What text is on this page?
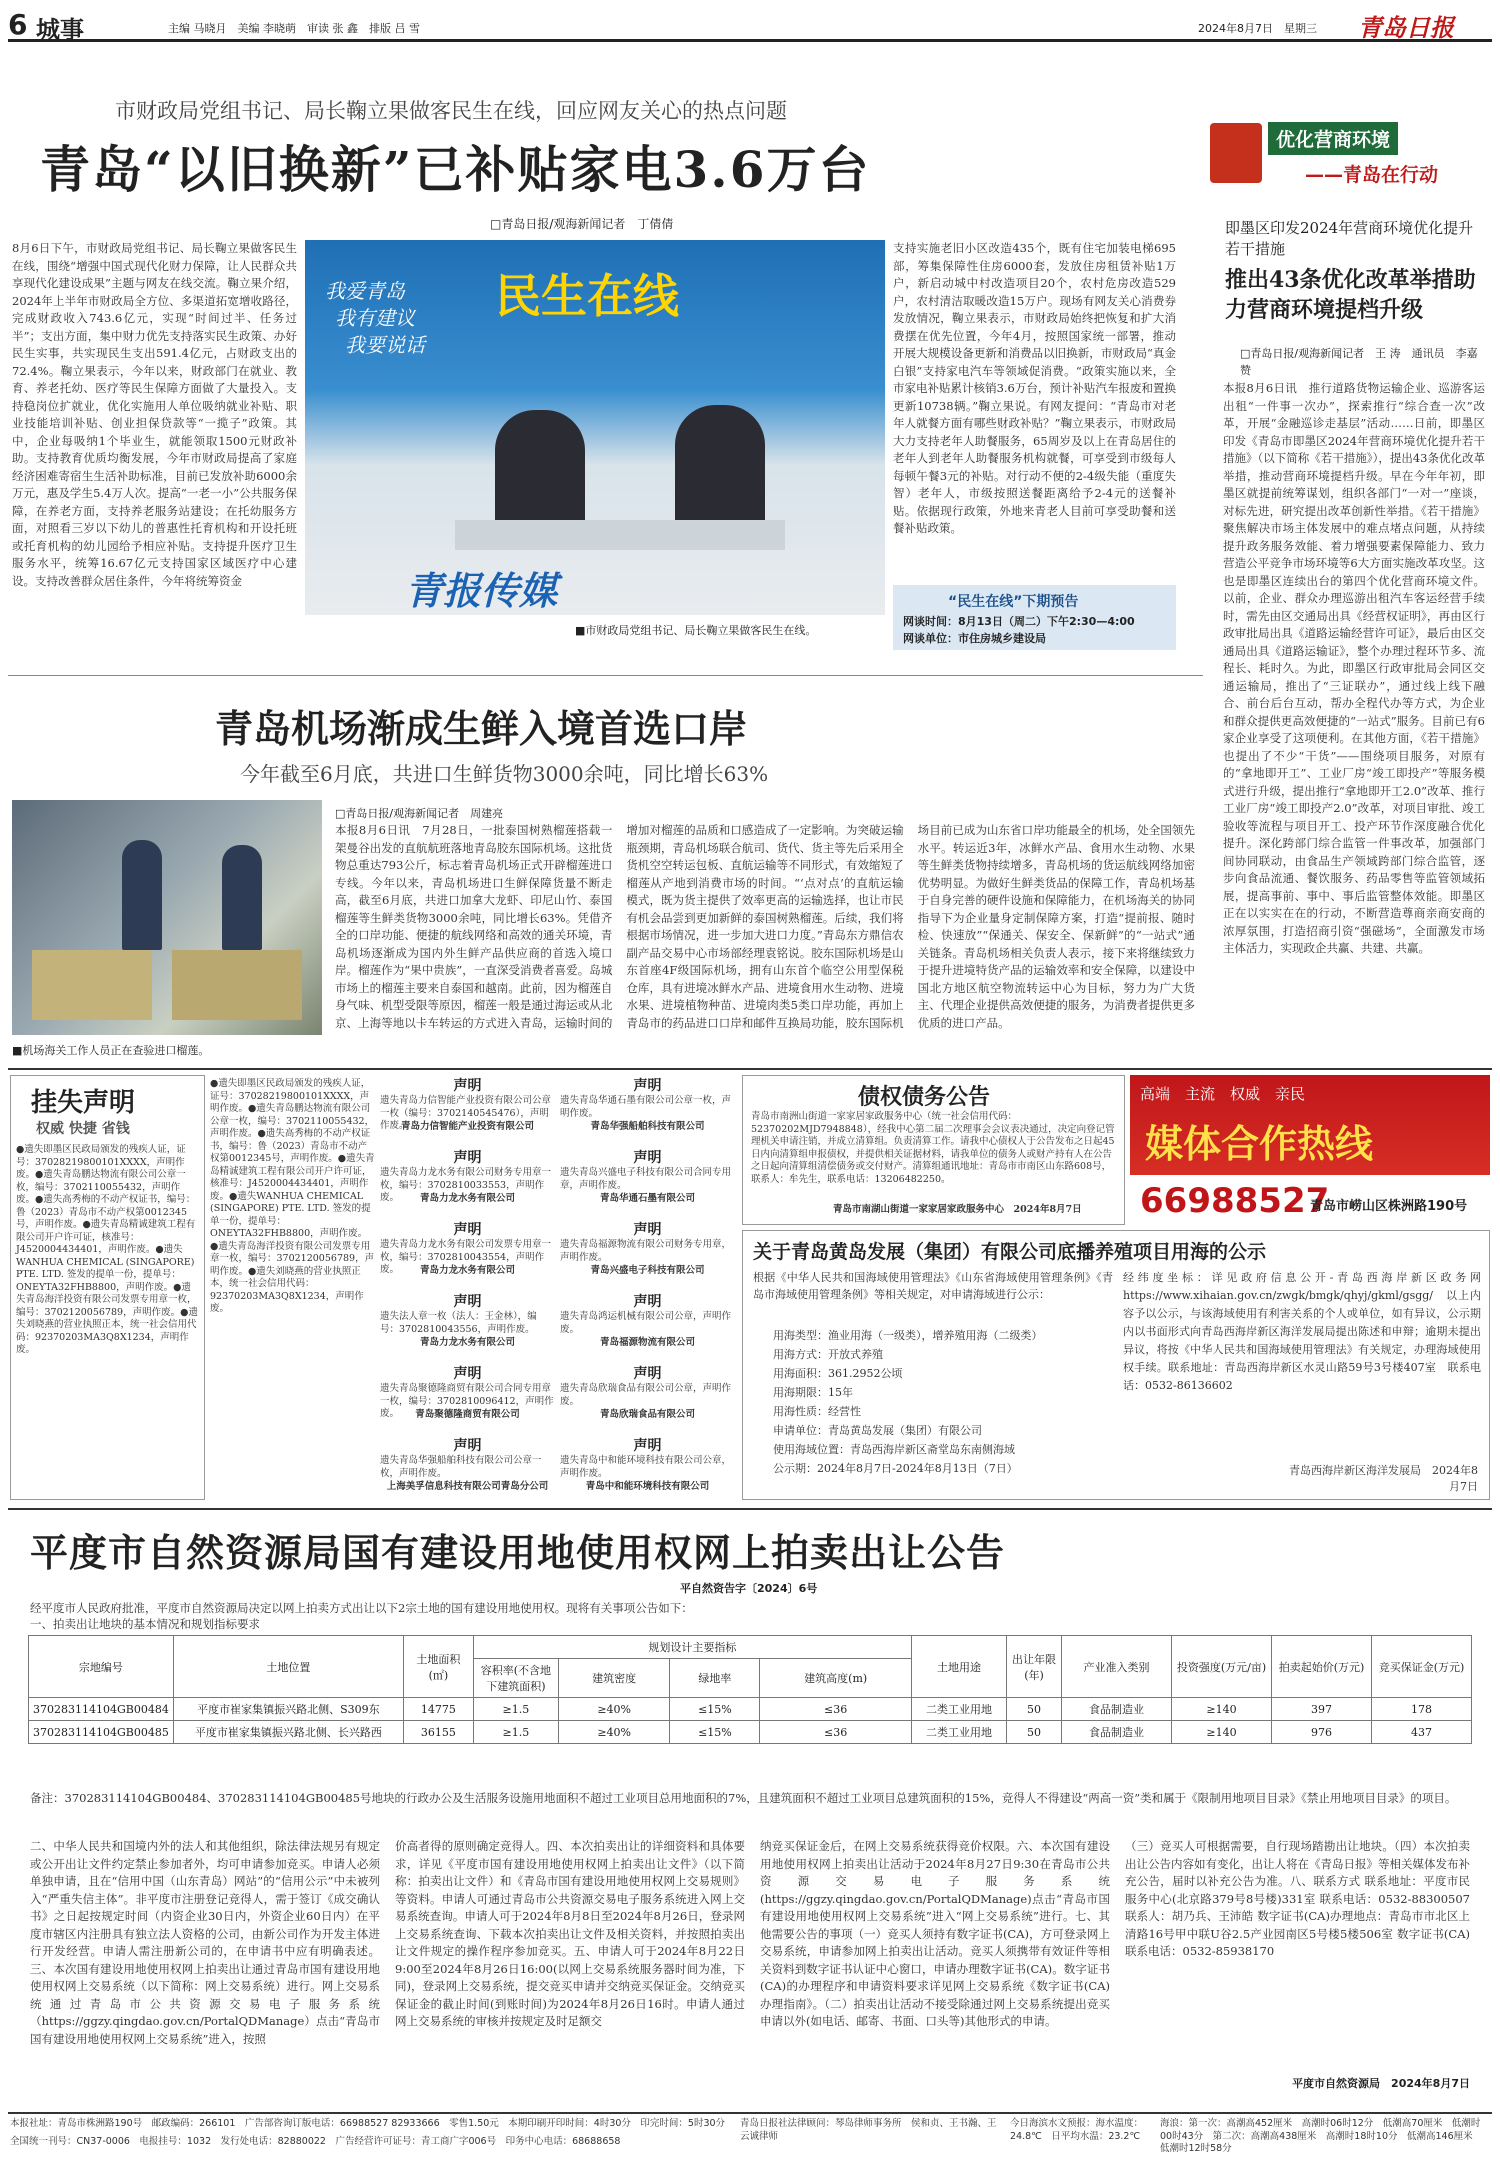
6 城事	主编 马晓月　美编 李晓萌　审读 张 鑫　排版 吕 雪	2024年8月7日　星期三 青岛日报
市财政局党组书记、局长鞠立果做客民生在线，回应网友关心的热点问题
青岛“以旧换新”已补贴家电3.6万台
□青岛日报/观海新闻记者　丁倩倩
8月6日下午，市财政局党组书记、局长鞠立果做客民生在线，围绕“增强中国式现代化财力保障，让人民群众共享现代化建设成果”主题与网友在线交流。鞠立果介绍，2024年上半年市财政局全方位、多渠道拓宽增收路径，完成财政收入743.6亿元，实现“时间过半、任务过半”；支出方面，集中财力优先支持落实民生政策、办好民生实事，共实现民生支出591.4亿元，占财政支出的72.4%。鞠立果表示，今年以来，财政部门在就业、教育、养老托幼、医疗等民生保障方面做了大量投入。支持稳岗位扩就业，优化实施用人单位吸纳就业补贴、职业技能培训补贴、创业担保贷款等“一揽子”政策。其中，企业每吸纳1个毕业生，就能领取1500元财政补助。支持教育优质均衡发展，今年市财政局提高了家庭经济困难寄宿生生活补助标准，目前已发放补助6000余万元，惠及学生5.4万人次。提高“一老一小”公共服务保障，在养老方面，支持养老服务站建设；在托幼服务方面，对照看三岁以下幼儿的普惠性托育机构和开设托班或托育机构的幼儿园给予相应补贴。支持提升医疗卫生服务水平，统筹16.67亿元支持国家区域医疗中心建设。支持改善群众居住条件，今年将统筹资金
我爱青岛
我有建议
我要说话
民生在线
青报传媒
■市财政局党组书记、局长鞠立果做客民生在线。
支持实施老旧小区改造435个，既有住宅加装电梯695部，筹集保障性住房6000套，发放住房租赁补贴1万户，新启动城中村改造项目20个，农村危房改造529户，农村清洁取暖改造15万户。现场有网友关心消费券发放情况，鞠立果表示，市财政局始终把恢复和扩大消费摆在优先位置，今年4月，按照国家统一部署，推动开展大规模设备更新和消费品以旧换新，市财政局“真金白银”支持家电汽车等领域促消费。“政策实施以来，全市家电补贴累计核销3.6万台，预计补贴汽车报废和置换更新10738辆。”鞠立果说。有网友提问：“青岛市对老年人就餐方面有哪些财政补贴？”鞠立果表示，市财政局大力支持老年人助餐服务，65周岁及以上在青岛居住的老年人到老年人助餐服务机构就餐，可享受到市级每人每顿午餐3元的补贴。对行动不便的2-4级失能（重度失智）老年人，市级按照送餐距离给予2-4元的送餐补贴。依据现行政策，外地来青老人目前可享受助餐和送餐补贴政策。
“民生在线”下期预告
网谈时间：8月13日（周二）下午2:30—4:00
网谈单位：市住房城乡建设局
优化营商环境
——青岛在行动
即墨区印发2024年营商环境优化提升若干措施
推出43条优化改革举措助力营商环境提档升级
□青岛日报/观海新闻记者　王 涛　通讯员　李嘉赞
本报8月6日讯　推行道路货物运输企业、巡游客运出租“一件事一次办”，探索推行“综合查一次”改革，开展“金融巡诊走基层”活动……日前，即墨区印发《青岛市即墨区2024年营商环境优化提升若干措施》（以下简称《若干措施》），提出43条优化改革举措，推动营商环境提档升级。早在今年年初，即墨区就提前统筹谋划，组织各部门“一对一”座谈，对标先进，研究提出改革创新性举措。《若干措施》聚焦解决市场主体发展中的难点堵点问题，从持续提升政务服务效能、着力增强要素保障能力、致力营造公平竞争市场环境等6大方面实施改革攻坚。这也是即墨区连续出台的第四个优化营商环境文件。以前，企业、群众办理巡游出租汽车客运经营手续时，需先由区交通局出具《经营权证明》，再由区行政审批局出具《道路运输经营许可证》，最后由区交通局出具《道路运输证》，整个办理过程环节多、流程长、耗时久。为此，即墨区行政审批局会同区交通运输局，推出了“三证联办”，通过线上线下融合、前台后台互动，帮办全程代办等方式，为企业和群众提供更高效便捷的“一站式”服务。目前已有6家企业享受了这项便利。在其他方面，《若干措施》也提出了不少“干货”——围绕项目服务，对原有的“拿地即开工”、工业厂房“竣工即投产”等服务模式进行升级，提出推行“拿地即开工2.0”改革、推行工业厂房“竣工即投产2.0”改革，对项目审批、竣工验收等流程与项目开工、投产环节作深度融合优化提升。深化跨部门综合监管一件事改革，加强部门间协同联动，由食品生产领域跨部门综合监管，逐步向食品流通、餐饮服务、药品零售等监管领域拓展，提高事前、事中、事后监管整体效能。即墨区正在以实实在在的行动，不断营造尊商亲商安商的浓厚氛围，打造招商引资“强磁场”，全面激发市场主体活力，实现政企共赢、共建、共赢。
青岛机场渐成生鲜入境首选口岸
今年截至6月底，共进口生鲜货物3000余吨，同比增长63%
■机场海关工作人员正在查验进口榴莲。
□青岛日报/观海新闻记者　周建亮
本报8月6日讯　7月28日，一批泰国树熟榴莲搭载一架曼谷出发的直航航班落地青岛胶东国际机场。这批货物总重达793公斤，标志着青岛机场正式开辟榴莲进口专线。今年以来，青岛机场进口生鲜保障货量不断走高，截至6月底，共进口加拿大龙虾、印尼山竹、泰国榴莲等生鲜类货物3000余吨，同比增长63%。凭借齐全的口岸功能、便捷的航线网络和高效的通关环境，青岛机场逐渐成为国内外生鲜产品供应商的首选入境口岸。榴莲作为“果中贵族”，一直深受消费者喜爱。岛城市场上的榴莲主要来自泰国和越南。此前，因为榴莲自身气味、机型受限等原因，榴莲一般是通过海运或从北京、上海等地以卡车转运的方式进入青岛，运输时间的增加对榴莲的品质和口感造成了一定影响。为突破运输瓶颈期，青岛机场联合航司、货代、货主等先后采用全货机空空转运包板、直航运输等不同形式，有效缩短了榴莲从产地到消费市场的时间。“‘点对点’的直航运输模式，既为货主提供了效率更高的运输选择，也让市民有机会品尝到更加新鲜的泰国树熟榴莲。后续，我们将根据市场情况，进一步加大进口力度。”青岛东方鼎信农副产品交易中心市场部经理袁铭说。胶东国际机场是山东首座4F级国际机场，拥有山东首个临空公用型保税仓库，具有进境冰鲜水产品、进境食用水生动物、进境水果、进境植物种苗、进境肉类5类口岸功能，再加上青岛市的药品进口口岸和邮件互换局功能，胶东国际机场目前已成为山东省口岸功能最全的机场，处全国领先水平。转运近3年，冰鲜水产品、食用水生动物、水果等生鲜类货物持续增多，青岛机场的货运航线网络加密优势明显。为做好生鲜类货品的保障工作，青岛机场基于自身完善的硬件设施和保障能力，在机场海关的协同指导下为企业量身定制保障方案，打造“提前报、随时检、快速放”“保通关、保安全、保新鲜”的“一站式”通关链条。青岛机场相关负责人表示，接下来将继续致力于提升进境特货产品的运输效率和安全保障，以建设中国北方地区航空物流转运中心为目标，努力为广大货主、代理企业提供高效便捷的服务，为消费者提供更多优质的进口产品。
挂失声明
权威 快捷 省钱
●遗失即墨区民政局颁发的残疾人证，证号：37028219800101XXXX，声明作废。●遗失青岛鹏达物流有限公司公章一枚，编号：3702110055432，声明作废。●遗失高秀梅的不动产权证书，编号：鲁（2023）青岛市不动产权第0012345号，声明作废。●遗失青岛精诚建筑工程有限公司开户许可证，核准号：J4520004434401，声明作废。●遗失WANHUA CHEMICAL (SINGAPORE) PTE. LTD. 签发的提单一份，提单号：ONEYTA32FHB8800，声明作废。●遗失青岛海洋投资有限公司发票专用章一枚，编号：3702120056789，声明作废。●遗失刘晓燕的营业执照正本，统一社会信用代码：92370203MA3Q8X1234，声明作废。
●遗失即墨区民政局颁发的残疾人证，证号：37028219800101XXXX，声明作废。●遗失青岛鹏达物流有限公司公章一枚，编号：3702110055432，声明作废。●遗失高秀梅的不动产权证书，编号：鲁（2023）青岛市不动产权第0012345号，声明作废。●遗失青岛精诚建筑工程有限公司开户许可证，核准号：J4520004434401，声明作废。●遗失WANHUA CHEMICAL (SINGAPORE) PTE. LTD. 签发的提单一份，提单号：ONEYTA32FHB8800，声明作废。●遗失青岛海洋投资有限公司发票专用章一枚，编号：3702120056789，声明作废。●遗失刘晓燕的营业执照正本，统一社会信用代码：92370203MA3Q8X1234，声明作废。
声明
遗失青岛力信智能产业投资有限公司公章一枚（编号：3702140545476），声明作废。
青岛力信智能产业投资有限公司
声明
遗失青岛华通石墨有限公司公章一枚，声明作废。
青岛华强船舶科技有限公司
声明
遗失青岛力龙水务有限公司财务专用章一枚，编号：3702810033553，声明作废。	青岛力龙水务有限公司
声明
遗失青岛兴盛电子科技有限公司合同专用章，声明作废。
青岛华通石墨有限公司
声明
遗失青岛力龙水务有限公司发票专用章一枚，编号：3702810043554，声明作废。	青岛力龙水务有限公司
声明
遗失青岛福源物流有限公司财务专用章，声明作废。
青岛兴盛电子科技有限公司
声明
遗失法人章一枚（法人：王金林），编号：3702810043556，声明作废。
青岛力龙水务有限公司
声明
遗失青岛鸿运机械有限公司公章，声明作废。
青岛福源物流有限公司
声明
遗失青岛聚德隆商贸有限公司合同专用章一枚，编号：3702810096412，声明作废。	青岛聚德隆商贸有限公司
声明
遗失青岛欣瑞食品有限公司公章，声明作废。
青岛欣瑞食品有限公司
声明
遗失青岛华强船舶科技有限公司公章一枚，声明作废。
上海美孚信息科技有限公司青岛分公司
声明
遗失青岛中和能环境科技有限公司公章，声明作废。
青岛中和能环境科技有限公司
债权债务公告
青岛市南洲山街道一家家居家政服务中心（统一社会信用代码：52370202MJD7948848），经我中心第二届二次理事会会议表决通过，决定向登记管理机关申请注销，并成立清算组。负责清算工作。请我中心债权人于公告发布之日起45日内向清算组申报债权，并提供相关证据材料，请我单位的债务人或财产持有人在公告之日起向清算组清偿债务或交付财产。清算组通讯地址：青岛市市南区山东路608号，联系人：牟先生，联系电话：13206482250。
青岛市南湖山街道一家家居家政服务中心　2024年8月7日
高端　主流　权威　亲民
媒体合作热线
66988527
青岛市崂山区株洲路190号
关于青岛黄岛发展（集团）有限公司底播养殖项目用海的公示
根据《中华人民共和国海域使用管理法》《山东省海域使用管理条例》《青岛市海域使用管理条例》等相关规定，对申请海域进行公示：
用海类型：渔业用海（一级类），增养殖用海（二级类）
用海方式：开放式养殖
用海面积：361.2952公顷
用海期限：15年
用海性质：经营性
申请单位：青岛黄岛发展（集团）有限公司
使用海域位置：青岛西海岸新区斋堂岛东南侧海域
公示期：2024年8月7日-2024年8月13日（7日）
经纬度坐标：详见政府信息公开-青岛西海岸新区政务网https://www.xihaian.gov.cn/zwgk/bmgk/qhyj/gkml/gsgg/　以上内容予以公示，与该海域使用有利害关系的个人或单位，如有异议，公示期内以书面形式向青岛西海岸新区海洋发展局提出陈述和申辩；逾期未提出异议，将按《中华人民共和国海域使用管理法》有关规定，办理海域使用权手续。联系地址：青岛西海岸新区水灵山路59号3号楼407室　联系电话：0532-86136602
青岛西海岸新区海洋发展局　2024年8月7日
平度市自然资源局国有建设用地使用权网上拍卖出让公告
平自然资告字〔2024〕6号
经平度市人民政府批准，平度市自然资源局决定以网上拍卖方式出让以下2宗土地的国有建设用地使用权。现将有关事项公告如下：
一、拍卖出让地块的基本情况和规划指标要求
宗地编号	土地位置	土地面积(㎡)	规划设计主要指标				土地用途	出让年限(年)	产业准入类别	投资强度(万元/亩)	拍卖起始价(万元)	竞买保证金(万元)
			容积率(不含地下建筑面积)	建筑密度	绿地率	建筑高度(m)						
370283114104GB00484	平度市崔家集镇振兴路北侧、S309东	14775	≥1.5	≥40%	≤15%	≤36	二类工业用地	50	食品制造业	≥140	397	178
370283114104GB00485	平度市崔家集镇振兴路北侧、长兴路西	36155	≥1.5	≥40%	≤15%	≤36	二类工业用地	50	食品制造业	≥140	976	437
备注：370283114104GB00484、370283114104GB00485号地块的行政办公及生活服务设施用地面积不超过工业项目总用地面积的7%，且建筑面积不超过工业项目总建筑面积的15%，竞得人不得建设“两高一资”类和属于《限制用地项目目录》《禁止用地项目目录》的项目。
二、中华人民共和国境内外的法人和其他组织，除法律法规另有规定或公开出让文件约定禁止参加者外，均可申请参加竞买。申请人必须单独申请，且在“信用中国（山东青岛）网站”的“信用公示”中未被列入“严重失信主体”。非平度市注册登记竞得人，需于签订《成交确认书》之日起按规定时间（内资企业30日内，外资企业60日内）在平度市辖区内注册具有独立法人资格的公司，由新公司作为开发主体进行开发经营。申请人需注册新公司的，在申请书中应有明确表述。三、本次国有建设用地使用权网上拍卖出让通过青岛市国有建设用地使用权网上交易系统（以下简称：网上交易系统）进行。网上交易系统通过青岛市公共资源交易电子服务系统（https://ggzy.qingdao.gov.cn/PortalQDManage）点击“青岛市国有建设用地使用权网上交易系统”进入，按照
价高者得的原则确定竞得人。四、本次拍卖出让的详细资料和具体要求，详见《平度市国有建设用地使用权网上拍卖出让文件》（以下简称：拍卖出让文件）和《青岛市国有建设用地使用权网上交易规则》等资料。申请人可通过青岛市公共资源交易电子服务系统进入网上交易系统查询。申请人可于2024年8月8日至2024年8月26日，登录网上交易系统查询、下载本次拍卖出让文件及相关资料，并按照拍卖出让文件规定的操作程序参加竞买。五、申请人可于2024年8月22日9:00至2024年8月26日16:00(以网上交易系统服务器时间为准，下同)，登录网上交易系统，提交竞买申请并交纳竞买保证金。交纳竞买保证金的截止时间(到账时间)为2024年8月26日16时。申请人通过网上交易系统的审核并按规定及时足额交
纳竞买保证金后，在网上交易系统获得竞价权限。六、本次国有建设用地使用权网上拍卖出让活动于2024年8月27日9:30在青岛市公共资源交易电子服务系统(https://ggzy.qingdao.gov.cn/PortalQDManage)点击“青岛市国有建设用地使用权网上交易系统”进入“网上交易系统”进行。七、其他需要公告的事项（一）竞买人须持有数字证书(CA)，方可登录网上交易系统，申请参加网上拍卖出让活动。竞买人须携带有效证件等相关资料到数字证书认证中心窗口，申请办理数字证书(CA)。数字证书(CA)的办理程序和申请资料要求详见网上交易系统《数字证书(CA)办理指南》。（二）拍卖出让活动不接受除通过网上交易系统提出竞买申请以外(如电话、邮寄、书面、口头等)其他形式的申请。
（三）竞买人可根据需要，自行现场踏勘出让地块。（四）本次拍卖出让公告内容如有变化，出让人将在《青岛日报》等相关媒体发布补充公告，届时以补充公告为准。八、联系方式 联系地址：平度市民服务中心(北京路379号8号楼)331室 联系电话：0532-88300507 联系人：胡乃兵、王沛皓 数字证书(CA)办理地点：青岛市市北区上清路16号甲中联U谷2.5产业园南区5号楼5楼506室 数字证书(CA)联系电话：0532-85938170
平度市自然资源局　2024年8月7日
本报社址：青岛市株洲路190号　邮政编码：266101　广告部咨询订版电话：66988527 82933666　零售1.50元　本期印刷开印时间：4时30分　印完时间：5时30分
全国统一刊号：CN37-0006　电报挂号：1032　发行处电话：82880022　广告经营许可证号：青工商广字006号　印务中心电话：68688658
青岛日报社法律顾问：琴岛律师事务所　侯和贞、王书瀚、王云诚律师
今日海滨水文预报：海水温度：24.8℃　日平均水温：23.2℃
海浪：第一次：高潮高452厘米　高潮时06时12分　低潮高70厘米　低潮时00时43分　第二次：高潮高438厘米　高潮时18时10分　低潮高146厘米　低潮时12时58分
